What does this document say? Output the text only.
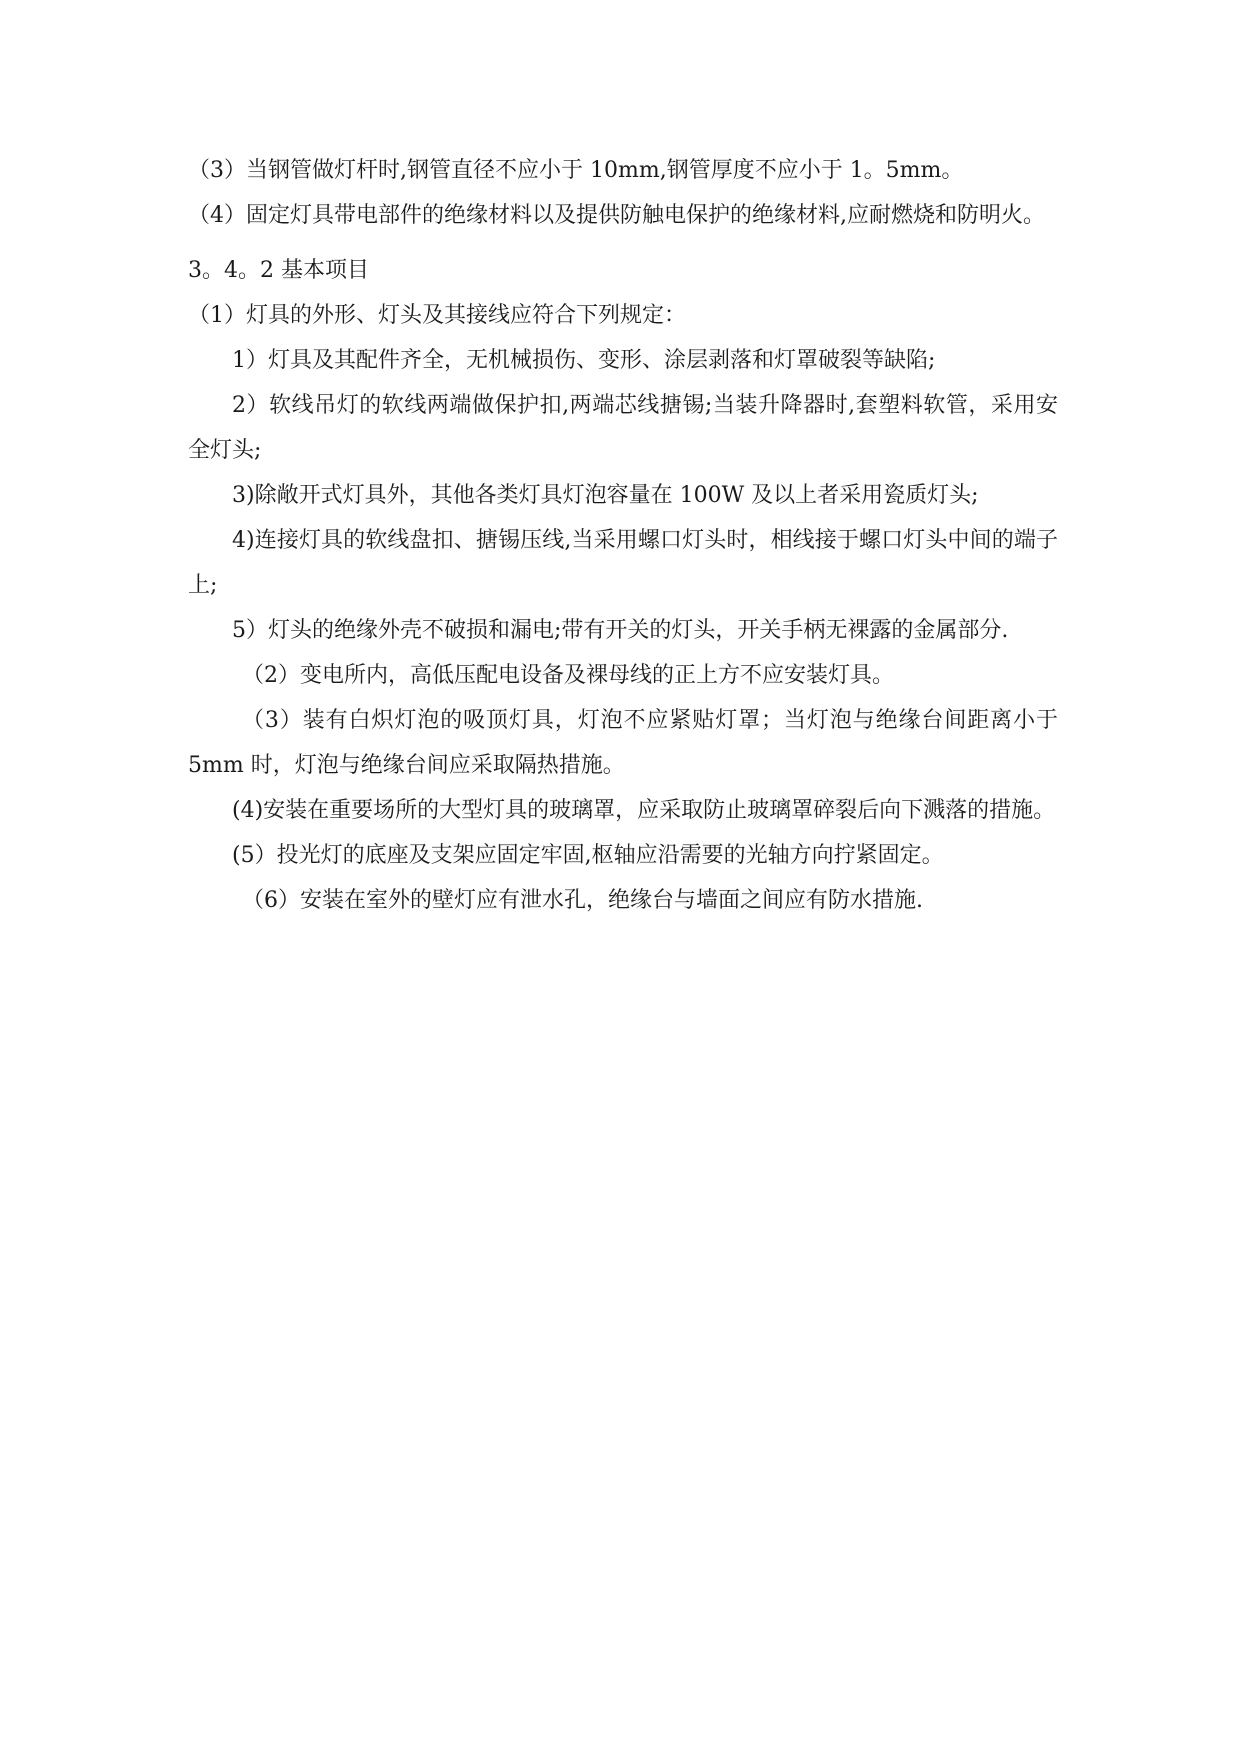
（3）当钢管做灯杆时,钢管直径不应小于 10mm,钢管厚度不应小于 1。5mm。

（4）固定灯具带电部件的绝缘材料以及提供防触电保护的绝缘材料,应耐燃烧和防明火。

3。4。2 基本项目

（1）灯具的外形、灯头及其接线应符合下列规定：

1）灯具及其配件齐全，无机械损伤、变形、涂层剥落和灯罩破裂等缺陷;

2）软线吊灯的软线两端做保护扣,两端芯线搪锡;当装升降器时,套塑料软管，采用安全灯头;

3)除敞开式灯具外，其他各类灯具灯泡容量在 100W 及以上者采用瓷质灯头;

4)连接灯具的软线盘扣、搪锡压线,当采用螺口灯头时，相线接于螺口灯头中间的端子上;

5）灯头的绝缘外壳不破损和漏电;带有开关的灯头，开关手柄无裸露的金属部分.

（2）变电所内，高低压配电设备及裸母线的正上方不应安装灯具。

（3）装有白炽灯泡的吸顶灯具，灯泡不应紧贴灯罩；当灯泡与绝缘台间距离小于 5mm 时，灯泡与绝缘台间应采取隔热措施。

(4)安装在重要场所的大型灯具的玻璃罩，应采取防止玻璃罩碎裂后向下溅落的措施。

(5）投光灯的底座及支架应固定牢固,枢轴应沿需要的光轴方向拧紧固定。

（6）安装在室外的壁灯应有泄水孔，绝缘台与墙面之间应有防水措施.
